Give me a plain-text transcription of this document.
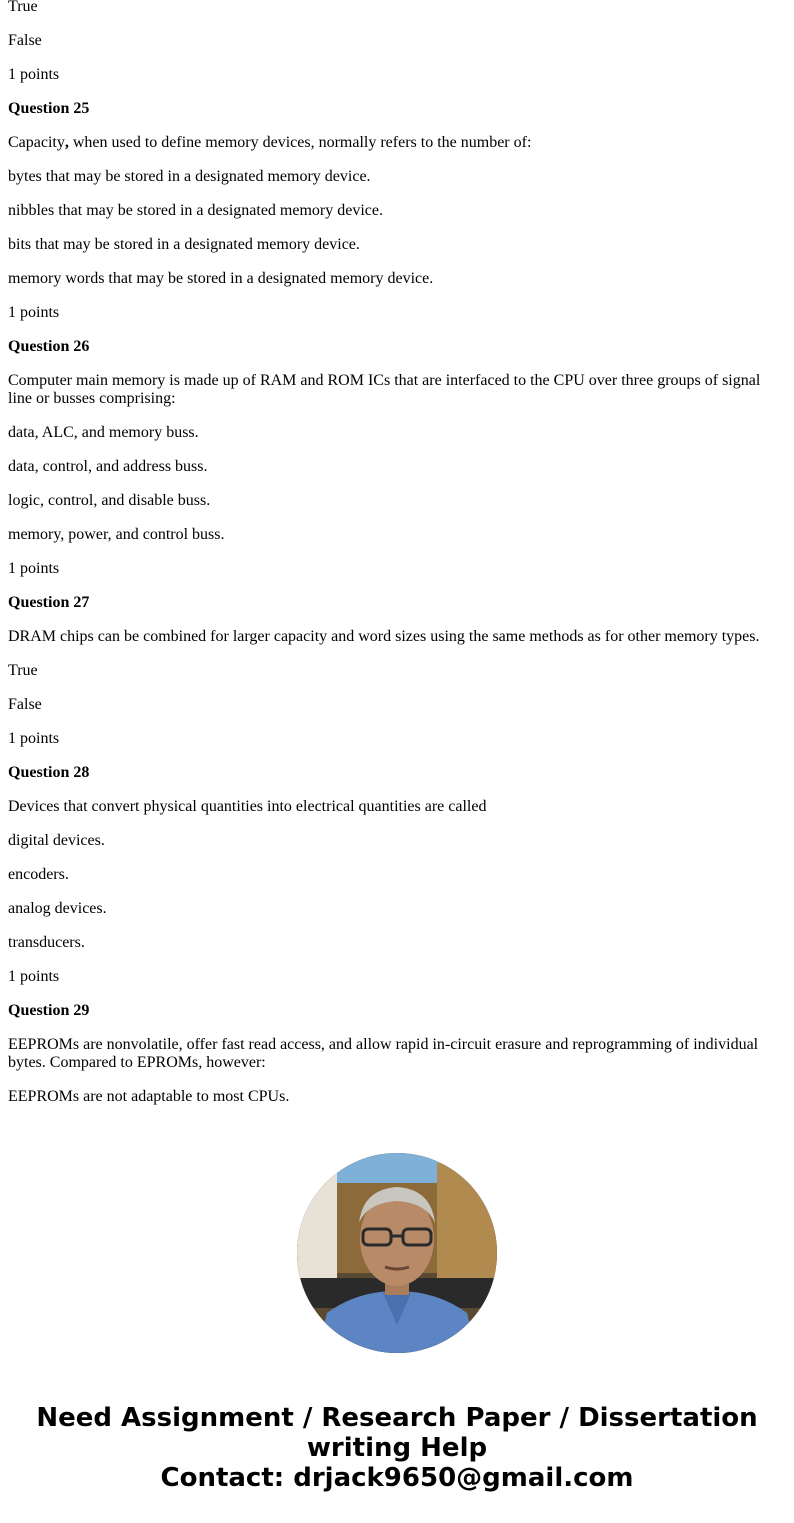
True

False

1 points

Question 25

Capacity, when used to define memory devices, normally refers to the number of:

bytes that may be stored in a designated memory device.

nibbles that may be stored in a designated memory device.

bits that may be stored in a designated memory device.

memory words that may be stored in a designated memory device.

1 points

Question 26

Computer main memory is made up of RAM and ROM ICs that are interfaced to the CPU over three groups of signal line or busses comprising:

data, ALC, and memory buss.

data, control, and address buss.

logic, control, and disable buss.

memory, power, and control buss.

1 points

Question 27

DRAM chips can be combined for larger capacity and word sizes using the same methods as for other memory types.

True

False

1 points

Question 28

Devices that convert physical quantities into electrical quantities are called

digital devices.

encoders.

analog devices.

transducers.

1 points

Question 29

EEPROMs are nonvolatile, offer fast read access, and allow rapid in-circuit erasure and reprogramming of individual bytes. Compared to EPROMs, however:

EEPROMs are not adaptable to most CPUs.

Need Assignment / Research Paper / Dissertation
writing Help
Contact: drjack9650@gmail.com
